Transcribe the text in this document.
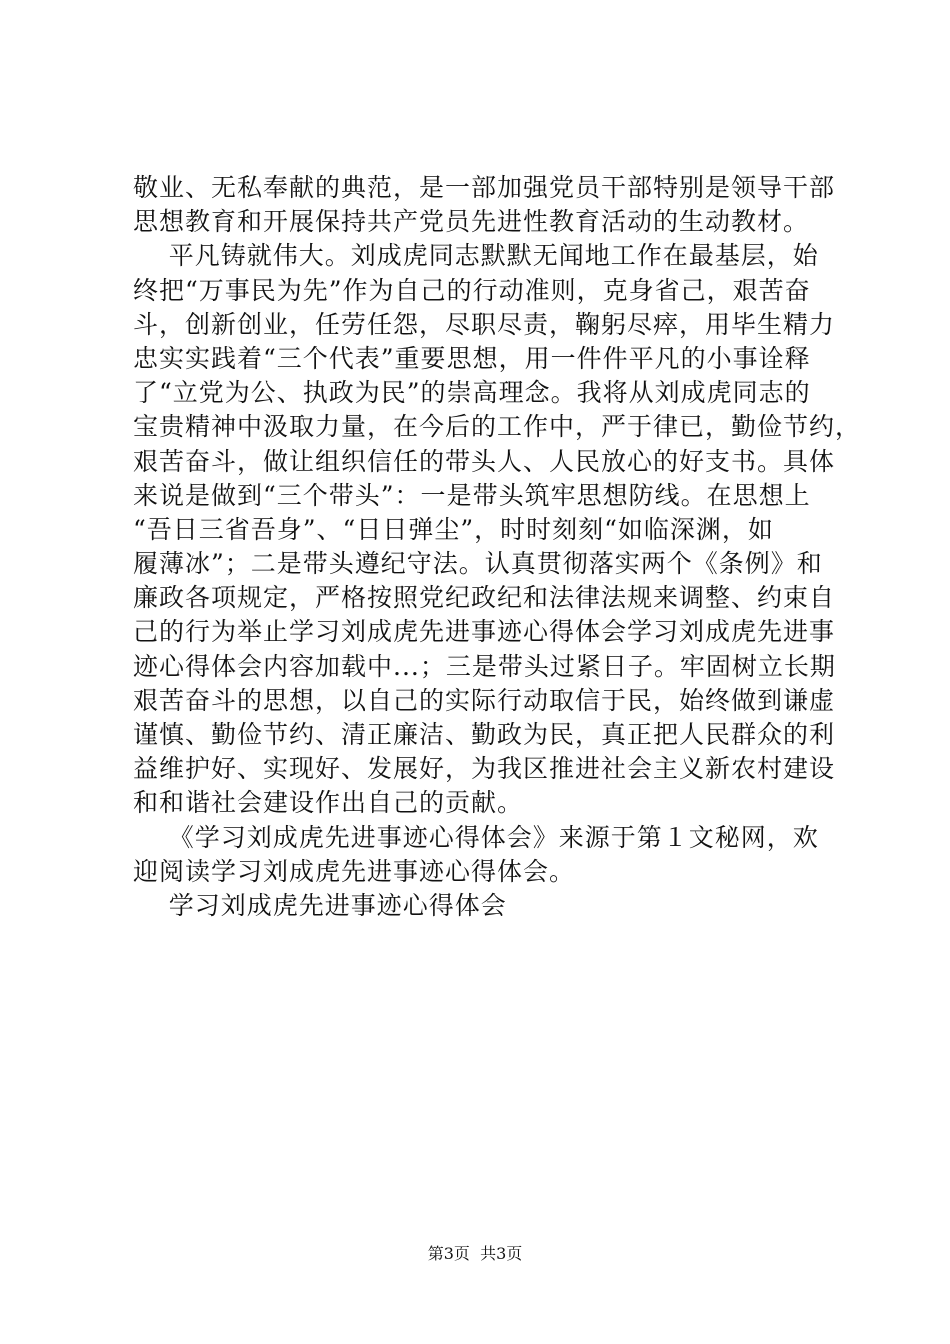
敬业、无私奉献的典范，是一部加强党员干部特别是领导干部
思想教育和开展保持共产党员先进性教育活动的生动教材。
平凡铸就伟大。刘成虎同志默默无闻地工作在最基层，始
终把“万事民为先”作为自己的行动准则，克身省己，艰苦奋
斗，创新创业，任劳任怨，尽职尽责，鞠躬尽瘁，用毕生精力
忠实实践着“三个代表”重要思想，用一件件平凡的小事诠释
了“立党为公、执政为民”的崇高理念。我将从刘成虎同志的
宝贵精神中汲取力量，在今后的工作中，严于律已，勤俭节约，
艰苦奋斗，做让组织信任的带头人、人民放心的好支书。具体
来说是做到“三个带头”：一是带头筑牢思想防线。在思想上
“吾日三省吾身”、“日日弹尘”，时时刻刻“如临深渊，如
履薄冰”；二是带头遵纪守法。认真贯彻落实两个《条例》和
廉政各项规定，严格按照党纪政纪和法律法规来调整、约束自
己的行为举止学习刘成虎先进事迹心得体会学习刘成虎先进事
迹心得体会内容加载中...；三是带头过紧日子。牢固树立长期
艰苦奋斗的思想，以自己的实际行动取信于民，始终做到谦虚
谨慎、勤俭节约、清正廉洁、勤政为民，真正把人民群众的利
益维护好、实现好、发展好，为我区推进社会主义新农村建设
和和谐社会建设作出自己的贡献。
《学习刘成虎先进事迹心得体会》来源于第１文秘网，欢
迎阅读学习刘成虎先进事迹心得体会。
学习刘成虎先进事迹心得体会
第3页  共3页
